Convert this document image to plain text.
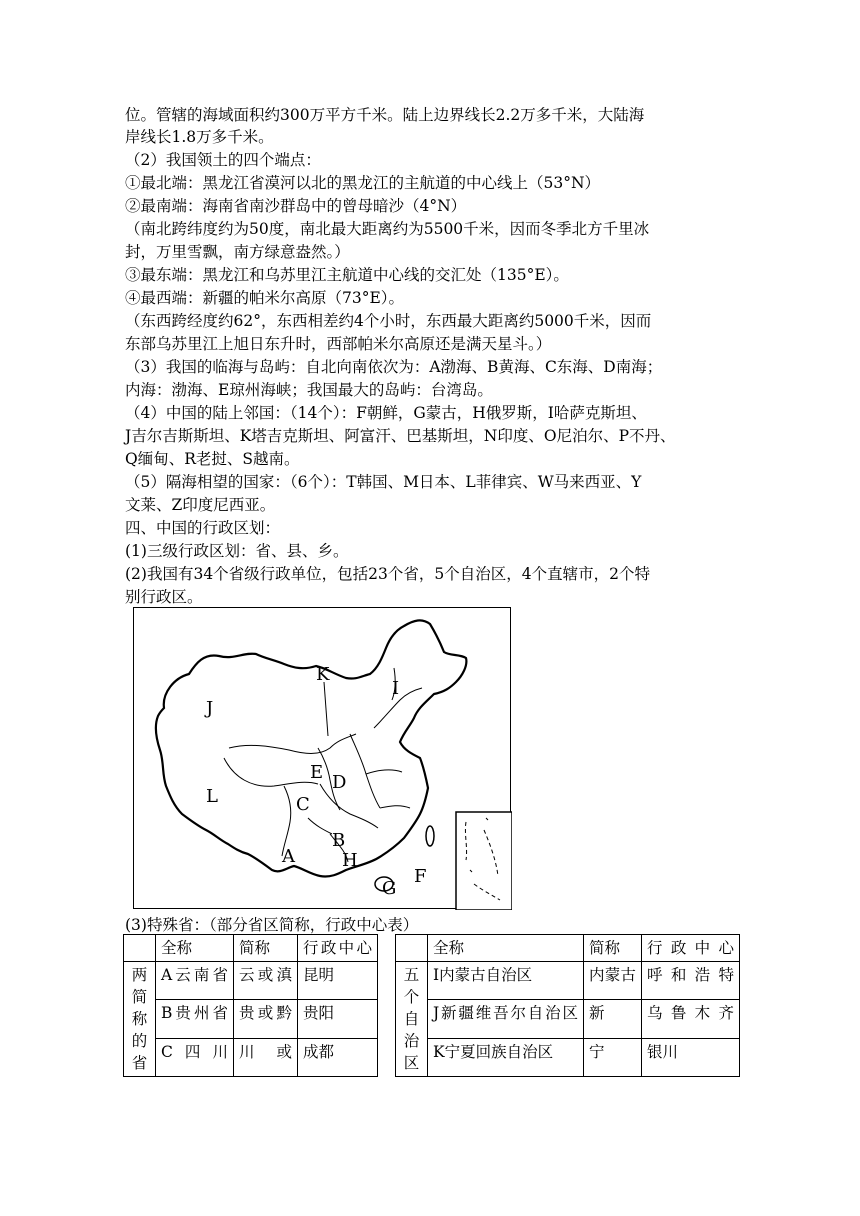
位。管辖的海域面积约300万平方千米。陆上边界线长2.2万多千米，大陆海
岸线长1.8万多千米。
（2）我国领土的四个端点：
①最北端：黑龙江省漠河以北的黑龙江的主航道的中心线上（53°N）
②最南端：海南省南沙群岛中的曾母暗沙（4°N）
（南北跨纬度约为50度，南北最大距离约为5500千米，因而冬季北方千里冰
封，万里雪飘，南方绿意盎然。）
③最东端：黑龙江和乌苏里江主航道中心线的交汇处（135°E）。
④最西端：新疆的帕米尔高原（73°E）。
（东西跨经度约62°，东西相差约4个小时，东西最大距离约5000千米，因而
东部乌苏里江上旭日东升时，西部帕米尔高原还是满天星斗。）
（3）我国的临海与岛屿：自北向南依次为：A渤海、B黄海、C东海、D南海；
内海：渤海、E琼州海峡；我国最大的岛屿：台湾岛。
（4）中国的陆上邻国：（14个）：F朝鲜，G蒙古，H俄罗斯，I哈萨克斯坦、
J吉尔吉斯斯坦、K塔吉克斯坦、阿富汗、巴基斯坦，N印度、O尼泊尔、P不丹、
Q缅甸、R老挝、S越南。
（5）隔海相望的国家：（6个）：T韩国、M日本、L菲律宾、W马来西亚、Y
文莱、Z印度尼西亚。
四、中国的行政区划：
(1)三级行政区划：省、县、乡。
(2)我国有34个省级行政单位，包括23个省，5个自治区，4个直辖市，2个特
别行政区。
J
K
I
L
E D
C
B
A	H
G
F
(3)特殊省：（部分省区简称，行政中心表）
	全称	简称	行政中心			全称	简称	行政中心

两简称的省	A云南省	云或滇	昆明		五个自治区	I内蒙古自治区	内蒙古	呼和浩特
	B贵州省	贵或黔	贵阳			J新疆维吾尔自治区	新	乌鲁木齐
	C四川	川或	成都			K宁夏回族自治区	宁	银川
